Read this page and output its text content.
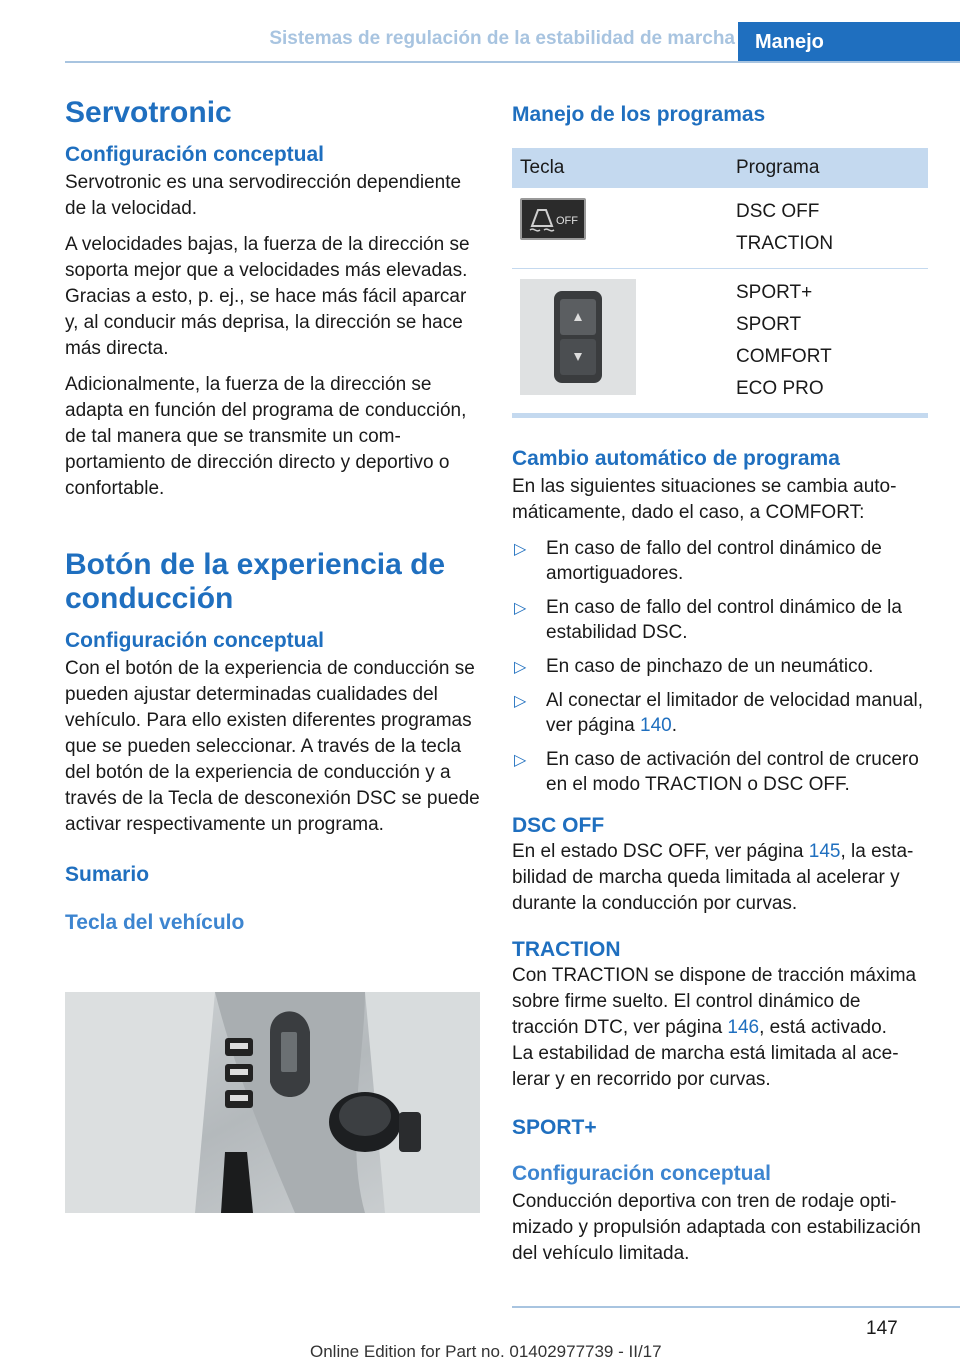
Sistemas de regulación de la estabilidad de marcha	Manejo
Servotronic
Configuración conceptual

Servotronic es una servodirección dependiente de la velocidad.

A velocidades bajas, la fuerza de la dirección se soporta mejor que a velocidades más elevadas. Gracias a esto, p. ej., se hace más fácil aparcar y, al conducir más deprisa, la dirección se hace más directa.

Adicionalmente, la fuerza de la dirección se adapta en función del programa de conducción, de tal manera que se transmite un comportamiento de dirección directo y deportivo o confortable.

Botón de la experiencia de conducción
Configuración conceptual

Con el botón de la experiencia de conducción se pueden ajustar determinadas cualidades del vehículo. Para ello existen diferentes programas que se pueden seleccionar. A través de la tecla del botón de la experiencia de conducción y a través de la Tecla de desconexión DSC se puede activar respectivamente un programa.

Sumario
Tecla del vehículo
Manejo de los programas
Tecla	Programa

OFF	DSC OFF
TRACTION

SPORT+
SPORT
COMFORT
ECO PRO
Cambio automático de programa

En las siguientes situaciones se cambia automáticamente, dado el caso, a COMFORT:

▷ En caso de fallo del control dinámico de amortiguadores.
▷ En caso de fallo del control dinámico de la estabilidad DSC.
▷ En caso de pinchazo de un neumático.
▷ Al conectar el limitador de velocidad manual, ver página 140.
▷ En caso de activación del control de crucero en el modo TRACTION o DSC OFF.
DSC OFF

En el estado DSC OFF, ver página 145, la estabilidad de marcha queda limitada al acelerar y durante la conducción por curvas.

TRACTION

Con TRACTION se dispone de tracción máxima sobre firme suelto. El control dinámico de tracción DTC, ver página 146, está activado.

La estabilidad de marcha está limitada al acelerar y en recorrido por curvas.

SPORT+
Configuración conceptual

Conducción deportiva con tren de rodaje optimizado y propulsión adaptada con estabilización del vehículo limitada.

147
Online Edition for Part no. 01402977739 - II/17
